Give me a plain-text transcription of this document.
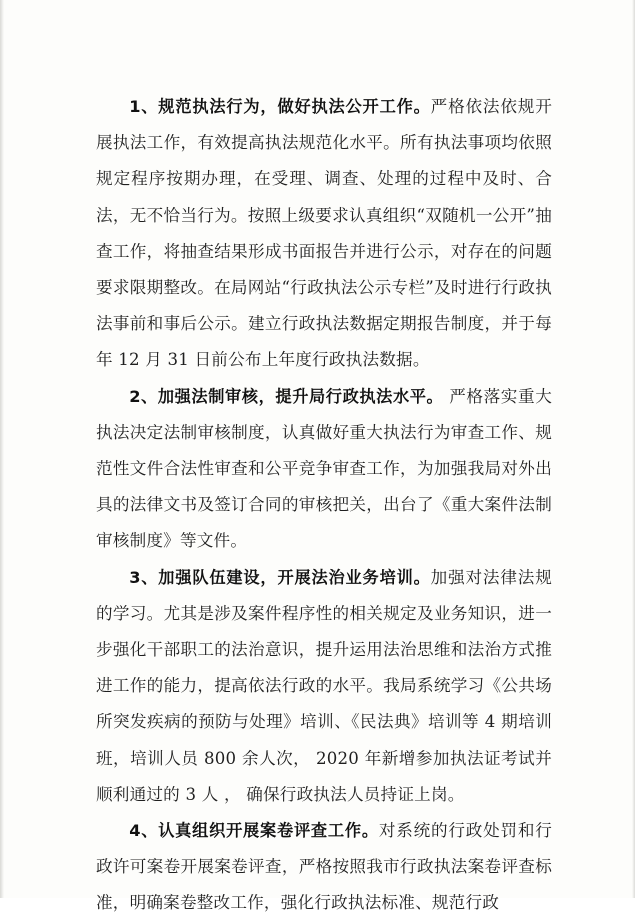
1、规范执法行为，做好执法公开工作。严格依法依规开展执法工作，有效提高执法规范化水平。所有执法事项均依照规定程序按期办理，在受理、调查、处理的过程中及时、合法，无不恰当行为。按照上级要求认真组织“双随机一公开”抽查工作，将抽查结果形成书面报告并进行公示，对存在的问题要求限期整改。在局网站“行政执法公示专栏”及时进行行政执法事前和事后公示。建立行政执法数据定期报告制度，并于每年 12 月 31 日前公布上年度行政执法数据。

2、加强法制审核，提升局行政执法水平。 严格落实重大执法决定法制审核制度，认真做好重大执法行为审查工作、规范性文件合法性审查和公平竞争审查工作，为加强我局对外出具的法律文书及签订合同的审核把关，出台了《重大案件法制审核制度》等文件。

3、加强队伍建设，开展法治业务培训。加强对法律法规的学习。尤其是涉及案件程序性的相关规定及业务知识，进一步强化干部职工的法治意识，提升运用法治思维和法治方式推进工作的能力，提高依法行政的水平。我局系统学习《公共场所突发疾病的预防与处理》培训、《民法典》培训等 4 期培训班，培训人员 800 余人次， 2020 年新增参加执法证考试并顺利通过的 3 人 ， 确保行政执法人员持证上岗。

4、认真组织开展案卷评查工作。对系统的行政处罚和行政许可案卷开展案卷评查，严格按照我市行政执法案卷评查标准，明确案卷整改工作，强化行政执法标准、规范行政
